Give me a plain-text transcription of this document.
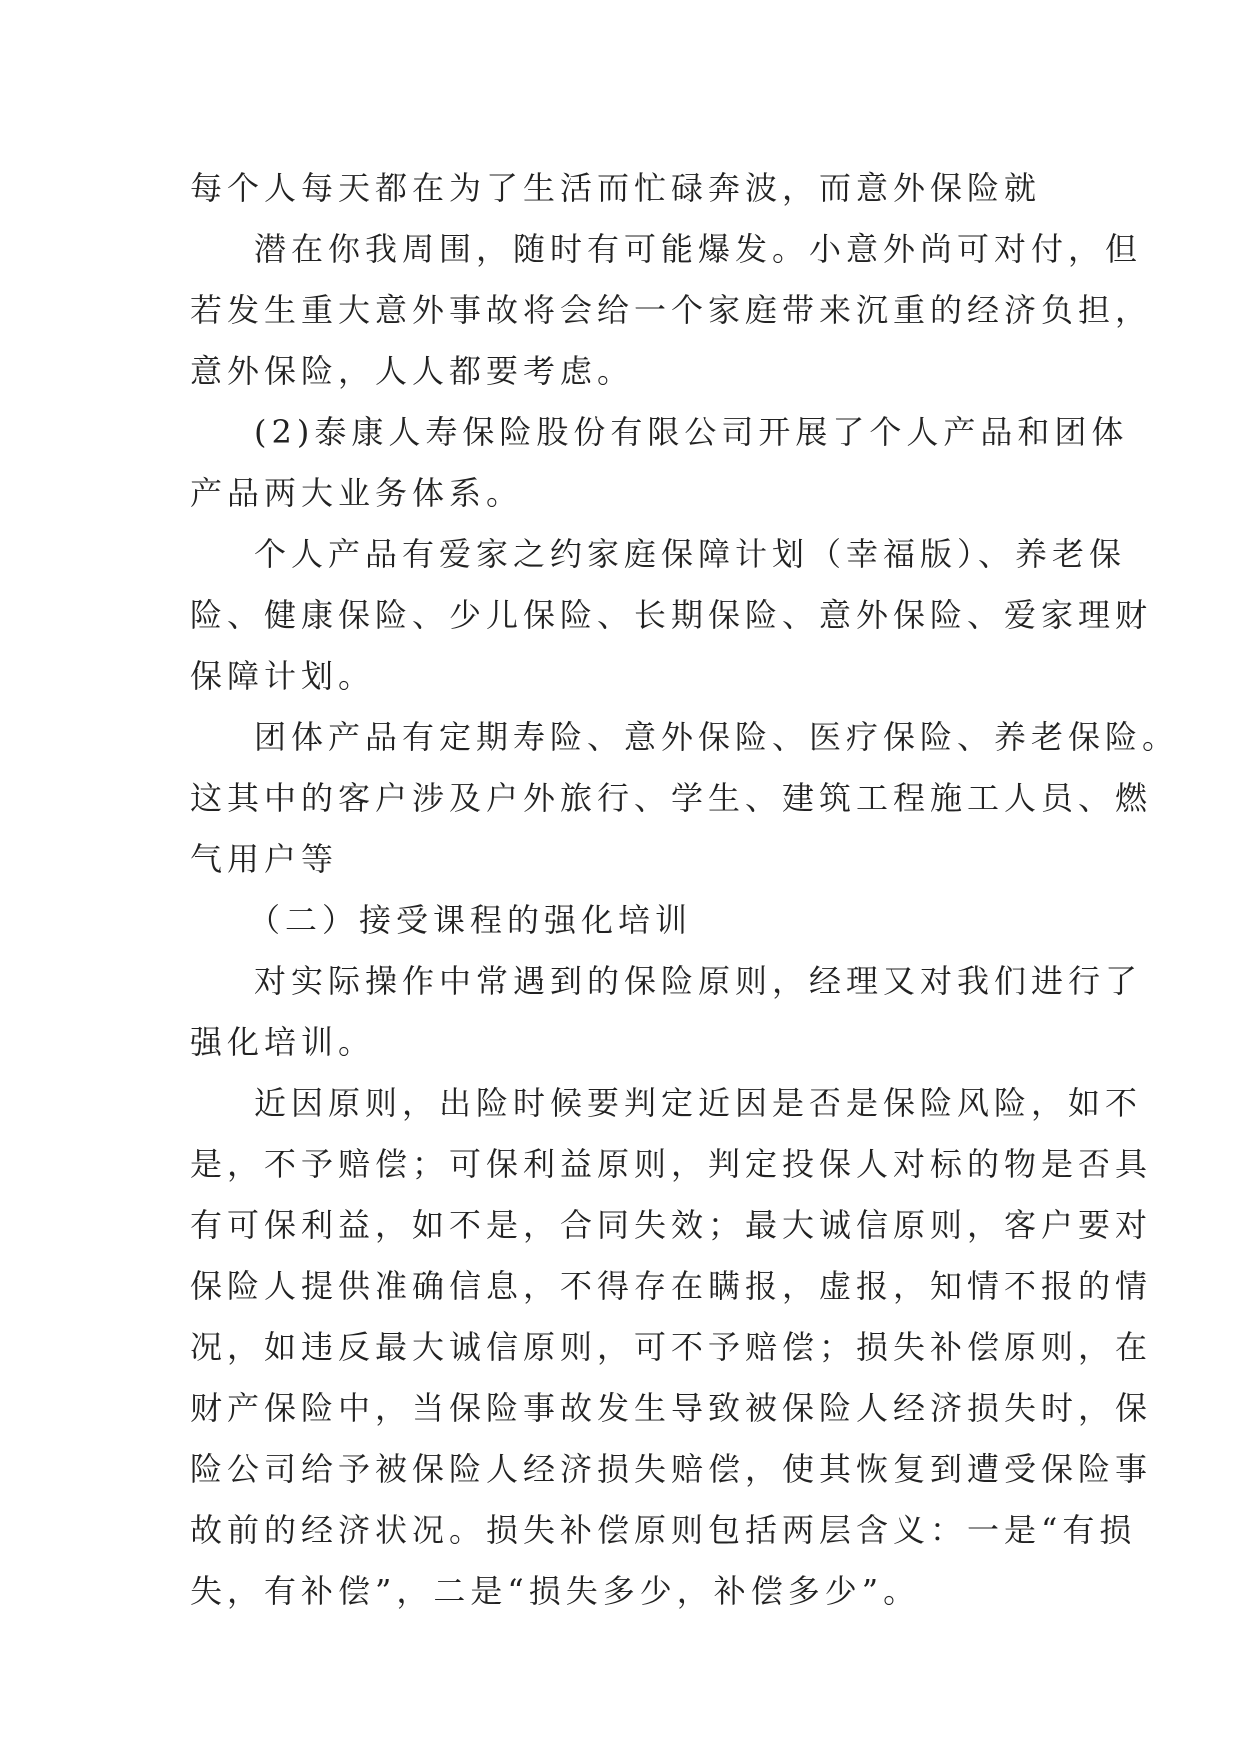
每个人每天都在为了生活而忙碌奔波，而意外保险就
潜在你我周围，随时有可能爆发。小意外尚可对付，但
若发生重大意外事故将会给一个家庭带来沉重的经济负担，
意外保险，人人都要考虑。
(2)泰康人寿保险股份有限公司开展了个人产品和团体
产品两大业务体系。
个人产品有爱家之约家庭保障计划（幸福版）、养老保
险、健康保险、少儿保险、长期保险、意外保险、爱家理财
保障计划。
团体产品有定期寿险、意外保险、医疗保险、养老保险。
这其中的客户涉及户外旅行、学生、建筑工程施工人员、燃
气用户等
（二）接受课程的强化培训
对实际操作中常遇到的保险原则，经理又对我们进行了
强化培训。
近因原则，出险时候要判定近因是否是保险风险，如不
是，不予赔偿；可保利益原则，判定投保人对标的物是否具
有可保利益，如不是，合同失效；最大诚信原则，客户要对
保险人提供准确信息，不得存在瞒报，虚报，知情不报的情
况，如违反最大诚信原则，可不予赔偿；损失补偿原则，在
财产保险中，当保险事故发生导致被保险人经济损失时，保
险公司给予被保险人经济损失赔偿，使其恢复到遭受保险事
故前的经济状况。损失补偿原则包括两层含义：一是“有损
失，有补偿”，二是“损失多少，补偿多少”。
